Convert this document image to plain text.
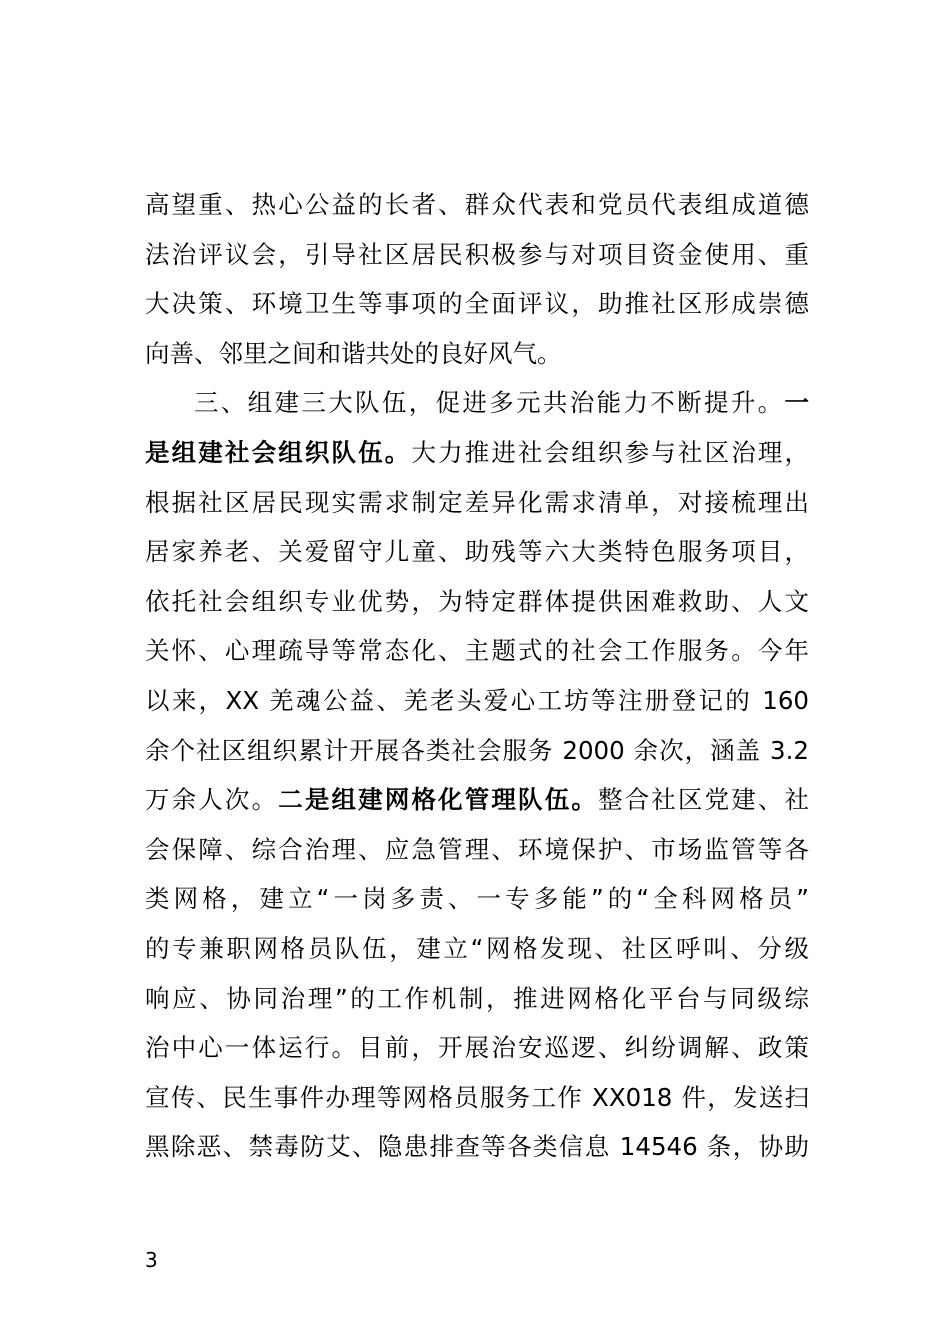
高望重、热心公益的长者、群众代表和党员代表组成道德
法治评议会，引导社区居民积极参与对项目资金使用、重
大决策、环境卫生等事项的全面评议，助推社区形成崇德
向善、邻里之间和谐共处的良好风气。
三、组建三大队伍，促进多元共治能力不断提升。一
是组建社会组织队伍。大力推进社会组织参与社区治理，
根据社区居民现实需求制定差异化需求清单，对接梳理出
居家养老、关爱留守儿童、助残等六大类特色服务项目，
依托社会组织专业优势，为特定群体提供困难救助、人文
关怀、心理疏导等常态化、主题式的社会工作服务。今年
以来，XX 羌魂公益、羌老头爱心工坊等注册登记的 160
余个社区组织累计开展各类社会服务 2000 余次，涵盖 3.2
万余人次。二是组建网格化管理队伍。整合社区党建、社
会保障、综合治理、应急管理、环境保护、市场监管等各
类网格，建立“一岗多责、一专多能”的“全科网格员”
的专兼职网格员队伍，建立“网格发现、社区呼叫、分级
响应、协同治理”的工作机制，推进网格化平台与同级综
治中心一体运行。目前，开展治安巡逻、纠纷调解、政策
宣传、民生事件办理等网格员服务工作 XX018 件，发送扫
黑除恶、禁毒防艾、隐患排查等各类信息 14546 条，协助
3
